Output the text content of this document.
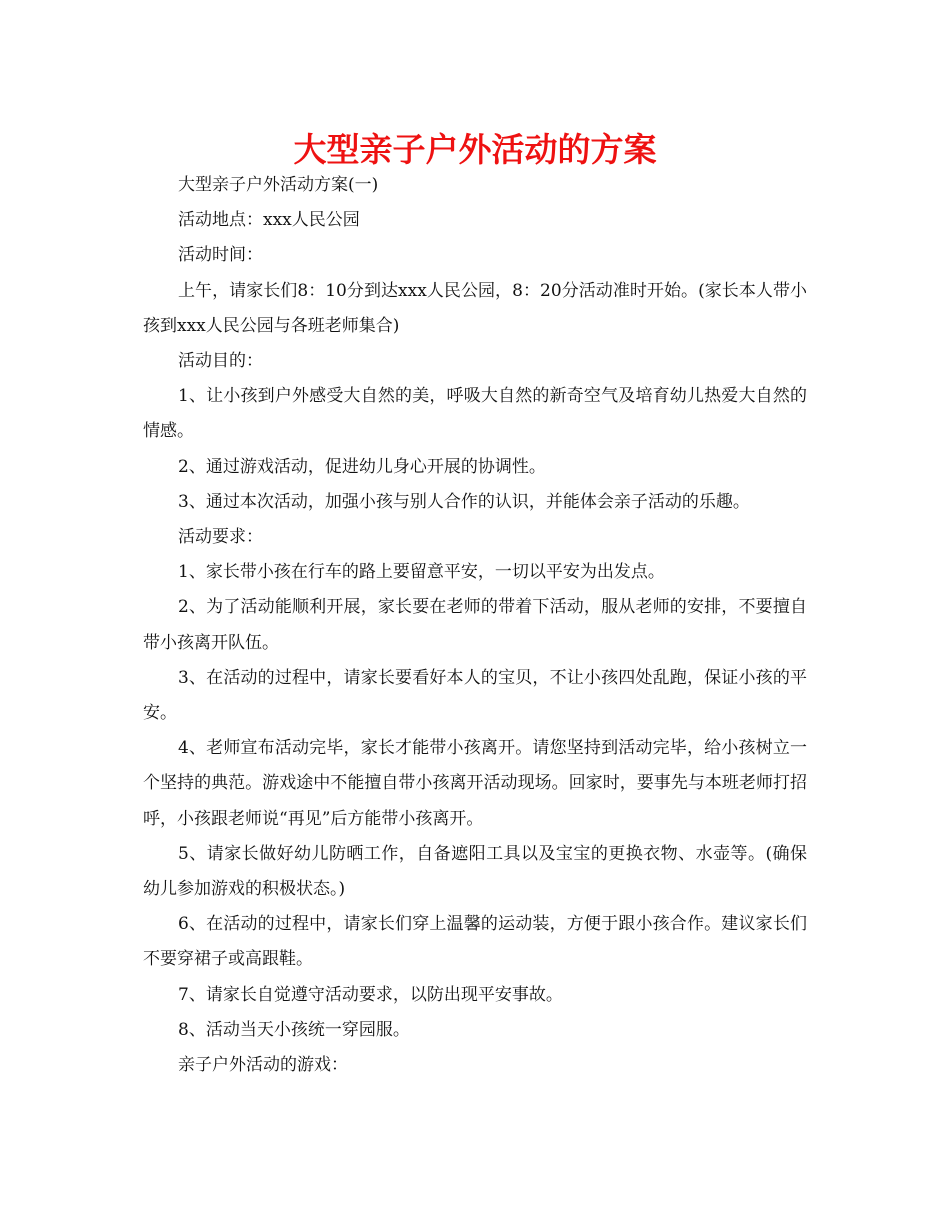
大型亲子户外活动的方案

大型亲子户外活动方案(一)

活动地点：xxx人民公园

活动时间：

上午，请家长们8：10分到达xxx人民公园，8：20分活动准时开始。(家长本人带小孩到xxx人民公园与各班老师集合)

活动目的：

1、让小孩到户外感受大自然的美，呼吸大自然的新奇空气及培育幼儿热爱大自然的情感。

2、通过游戏活动，促进幼儿身心开展的协调性。

3、通过本次活动，加强小孩与别人合作的认识，并能体会亲子活动的乐趣。

活动要求：

1、家长带小孩在行车的路上要留意平安，一切以平安为出发点。

2、为了活动能顺利开展，家长要在老师的带着下活动，服从老师的安排，不要擅自带小孩离开队伍。

3、在活动的过程中，请家长要看好本人的宝贝，不让小孩四处乱跑，保证小孩的平安。

4、老师宣布活动完毕，家长才能带小孩离开。请您坚持到活动完毕，给小孩树立一个坚持的典范。游戏途中不能擅自带小孩离开活动现场。回家时，要事先与本班老师打招呼，小孩跟老师说“再见”后方能带小孩离开。

5、请家长做好幼儿防晒工作，自备遮阳工具以及宝宝的更换衣物、水壶等。(确保幼儿参加游戏的积极状态。)

6、在活动的过程中，请家长们穿上温馨的运动装，方便于跟小孩合作。建议家长们不要穿裙子或高跟鞋。

7、请家长自觉遵守活动要求，以防出现平安事故。

8、活动当天小孩统一穿园服。

亲子户外活动的游戏：
